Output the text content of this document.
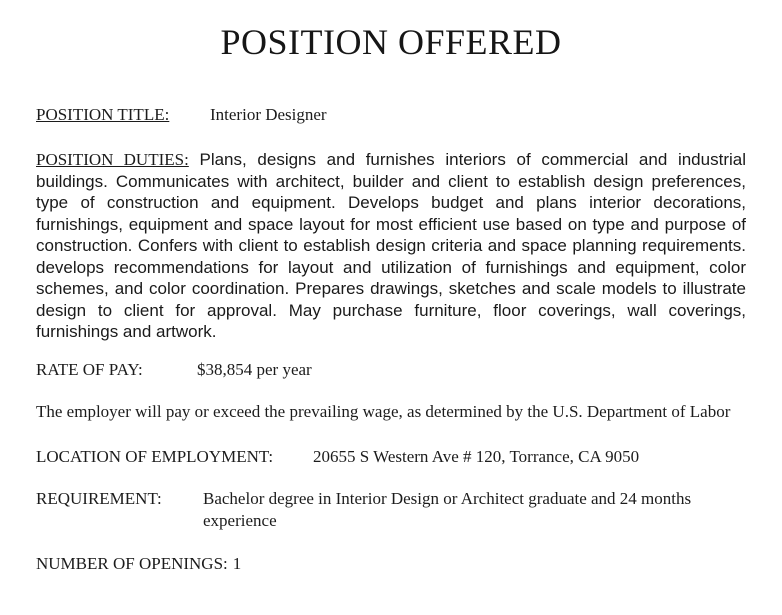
POSITION OFFERED
POSITION TITLE:	Interior Designer

POSITION DUTIES: Plans, designs and furnishes interiors of commercial and industrial buildings. Communicates with architect, builder and client to establish design preferences, type of construction and equipment. Develops budget and plans interior decorations, furnishings, equipment and space layout for most efficient use based on type and purpose of construction. Confers with client to establish design criteria and space planning requirements. develops recommendations for layout and utilization of furnishings and equipment, color schemes, and color coordination. Prepares drawings, sketches and scale models to illustrate design to client for approval. May purchase furniture, floor coverings, wall coverings, furnishings and artwork.

RATE OF PAY:	$38,854 per year

The employer will pay or exceed the prevailing wage, as determined by the U.S. Department of Labor

LOCATION OF EMPLOYMENT:	20655 S Western Ave # 120, Torrance, CA 9050
REQUIREMENT:	Bachelor degree in Interior Design or Architect graduate and 24 months experience
NUMBER OF OPENINGS: 1
